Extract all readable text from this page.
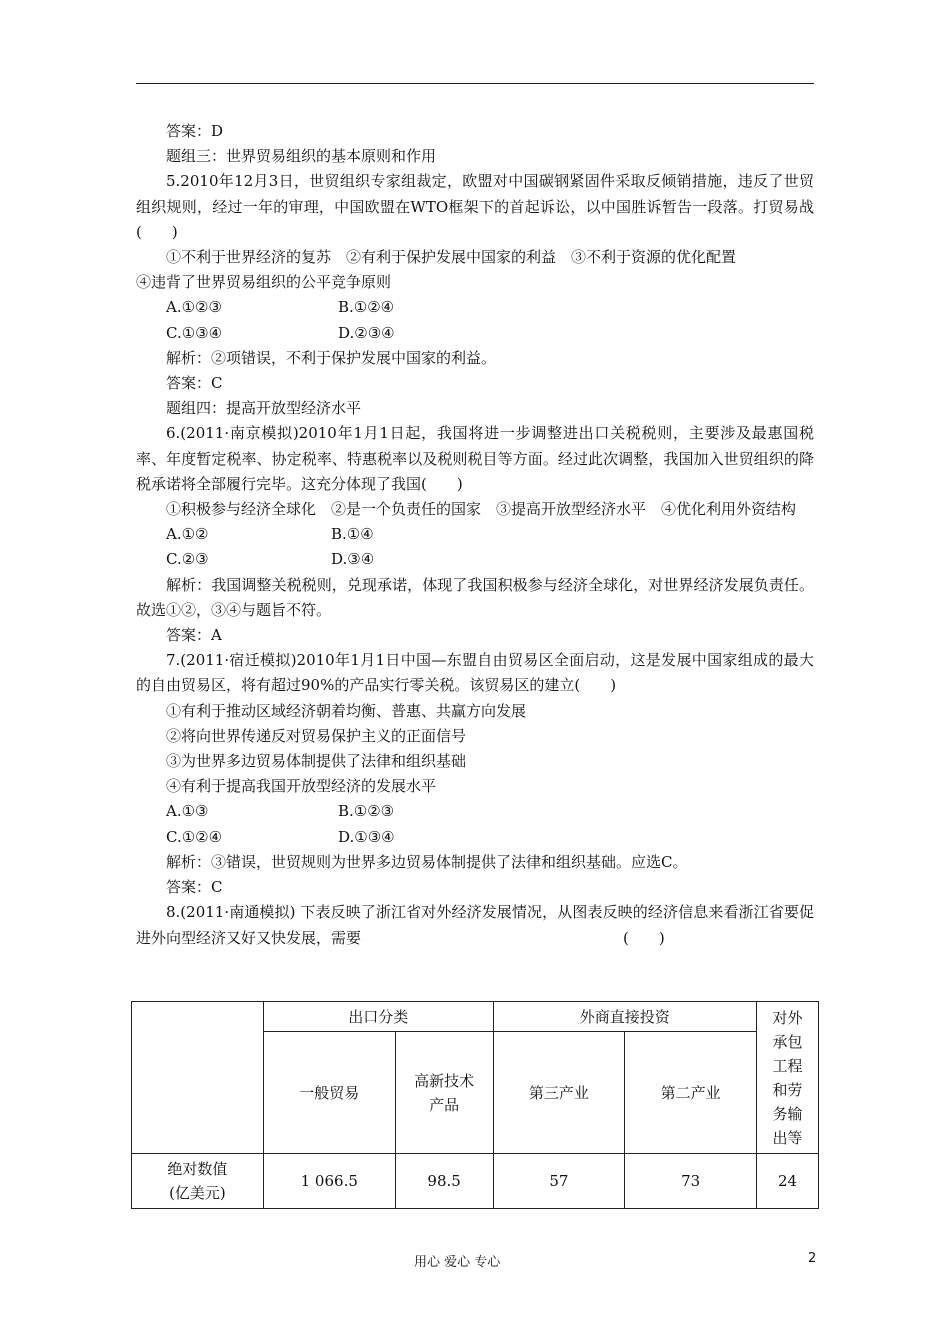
答案：D

题组三：世界贸易组织的基本原则和作用

5.2010年12月3日，世贸组织专家组裁定，欧盟对中国碳钢紧固件采取反倾销措施，违反了世贸组织规则，经过一年的审理，中国欧盟在WTO框架下的首起诉讼，以中国胜诉暂告一段落。打贸易战(　　)

①不利于世界经济的复苏　②有利于保护发展中国家的利益　③不利于资源的优化配置

④违背了世界贸易组织的公平竞争原则

A.①②③	B.①②④
C.①③④	D.②③④

解析：②项错误，不利于保护发展中国家的利益。

答案：C

题组四：提高开放型经济水平

6.(2011·南京模拟)2010年1月1日起，我国将进一步调整进出口关税税则，主要涉及最惠国税率、年度暂定税率、协定税率、特惠税率以及税则税目等方面。经过此次调整，我国加入世贸组织的降税承诺将全部履行完毕。这充分体现了我国(　　)

①积极参与经济全球化　②是一个负责任的国家　③提高开放型经济水平　④优化利用外资结构

A.①②	B.①④
C.②③	D.③④

解析：我国调整关税税则，兑现承诺，体现了我国积极参与经济全球化，对世界经济发展负责任。故选①②，③④与题旨不符。

答案：A

7.(2011·宿迁模拟)2010年1月1日中国—东盟自由贸易区全面启动，这是发展中国家组成的最大的自由贸易区，将有超过90%的产品实行零关税。该贸易区的建立(　　)

①有利于推动区域经济朝着均衡、普惠、共赢方向发展

②将向世界传递反对贸易保护主义的正面信号

③为世界多边贸易体制提供了法律和组织基础

④有利于提高我国开放型经济的发展水平

A.①③	B.①②③
C.①②④	D.①③④

解析：③错误，世贸规则为世界多边贸易体制提供了法律和组织基础。应选C。

答案：C

8.(2011·南通模拟) 下表反映了浙江省对外经济发展情况，从图表反映的经济信息来看浙江省要促进外向型经济又好又快发展，需要	(　　)

	出口分类		外商直接投资		对外承包工程和劳务输出等

	一般贸易	高新技术产品	第三产业	第二产业	

绝对数值(亿美元)	1 066.5	98.5	57	73	24
用心 爱心 专心	2
